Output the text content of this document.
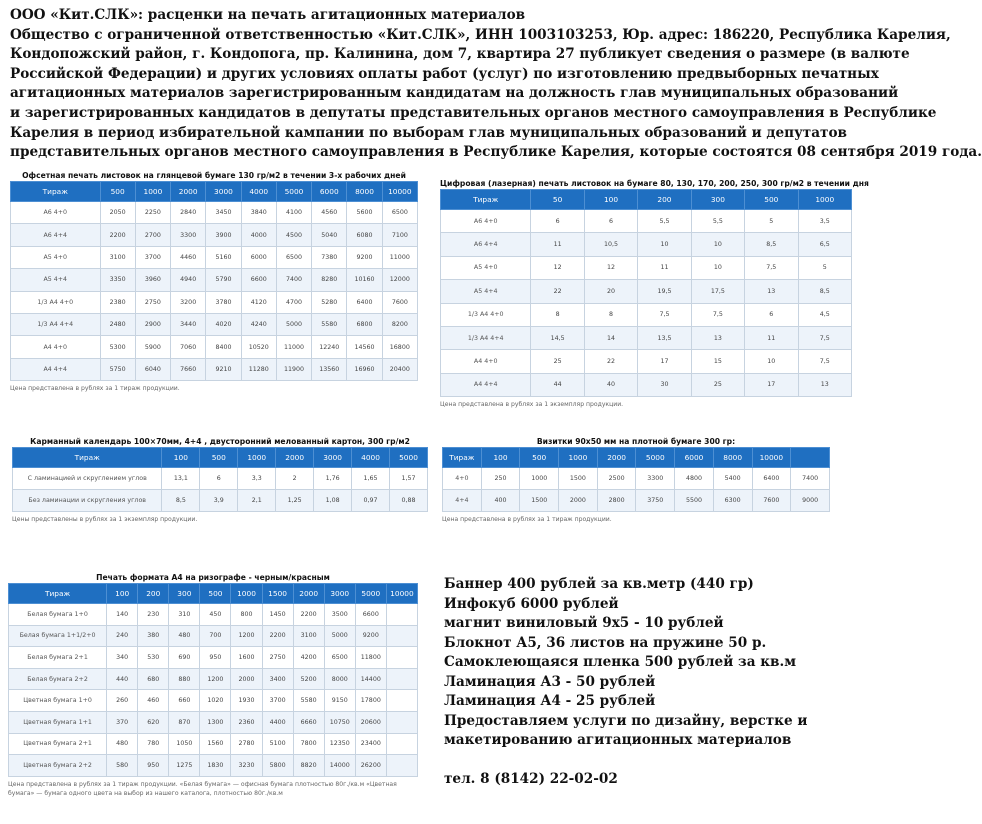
ООО «Кит.СЛК»: расценки на печать агитационных материалов
Общество с ограниченной ответственностью «Кит.СЛК», ИНН 1003103253, Юр. адрес: 186220, Республика Карелия,
Кондопожский район, г. Кондопога, пр. Калинина, дом 7, квартира 27 публикует сведения о размере (в валюте
Российской Федерации) и других условиях оплаты работ (услуг) по изготовлению предвыборных печатных
агитационных материалов зарегистрированным кандидатам на должность глав муниципальных образований
и зарегистрированных кандидатов в депутаты представительных органов местного самоуправления в Республике
Карелия в период избирательной кампании по выборам глав муниципальных образований и депутатов
представительных органов местного самоуправления в Республике Карелия, которые состоятся 08 сентября 2019 года.
Офсетная печать листовок на глянцевой бумаге 130 гр/м2 в течении 3-х рабочих дней
Тираж	500	1000	2000	3000	4000	5000	6000	8000	10000
А6 4+0	2050	2250	2840	3450	3840	4100	4560	5600	6500
А6 4+4	2200	2700	3300	3900	4000	4500	5040	6080	7100
А5 4+0	3100	3700	4460	5160	6000	6500	7380	9200	11000
А5 4+4	3350	3960	4940	5790	6600	7400	8280	10160	12000
1/3 А4 4+0	2380	2750	3200	3780	4120	4700	5280	6400	7600
1/3 А4 4+4	2480	2900	3440	4020	4240	5000	5580	6800	8200
А4 4+0	5300	5900	7060	8400	10520	11000	12240	14560	16800
А4 4+4	5750	6040	7660	9210	11280	11900	13560	16960	20400
Цена представлена в рублях за 1 тираж продукции.
Цифровая (лазерная) печать листовок на бумаге 80, 130, 170, 200, 250, 300 гр/м2 в течении дня
Тираж	50	100	200	300	500	1000
А6 4+0	6	6	5,5	5,5	5	3,5
А6 4+4	11	10,5	10	10	8,5	6,5
А5 4+0	12	12	11	10	7,5	5
А5 4+4	22	20	19,5	17,5	13	8,5
1/3 А4 4+0	8	8	7,5	7,5	6	4,5
1/3 А4 4+4	14,5	14	13,5	13	11	7,5
А4 4+0	25	22	17	15	10	7,5
А4 4+4	44	40	30	25	17	13
Цена представлена в рублях за 1 экземпляр продукции.
Карманный календарь 100×70мм, 4+4 , двусторонний мелованный картон, 300 гр/м2
Тираж	100	500	1000	2000	3000	4000	5000
С ламинацией и скруглением углов	13,1	6	3,3	2	1,76	1,65	1,57
Без ламинации и скругления углов	8,5	3,9	2,1	1,25	1,08	0,97	0,88
Цены представлены в рублях за 1 экземпляр продукции.
Визитки 90х50 мм на плотной бумаге 300 гр:
Тираж	100	500	1000	2000	5000	6000	8000	10000	
4+0	250	1000	1500	2500	3300	4800	5400	6400	7400
4+4	400	1500	2000	2800	3750	5500	6300	7600	9000
Цена представлена в рублях за 1 тираж продукции.
Печать формата А4 на ризографе - черным/красным
Тираж	100	200	300	500	1000	1500	2000	3000	5000	10000
Белая бумага 1+0	140	230	310	450	800	1450	2200	3500	6600	
Белая бумага 1+1/2+0	240	380	480	700	1200	2200	3100	5000	9200	
Белая бумага 2+1	340	530	690	950	1600	2750	4200	6500	11800	
Белая бумага 2+2	440	680	880	1200	2000	3400	5200	8000	14400	
Цветная бумага 1+0	260	460	660	1020	1930	3700	5580	9150	17800	
Цветная бумага 1+1	370	620	870	1300	2360	4400	6660	10750	20600	
Цветная бумага 2+1	480	780	1050	1560	2780	5100	7800	12350	23400	
Цветная бумага 2+2	580	950	1275	1830	3230	5800	8820	14000	26200	
Цена представлена в рублях за 1 тираж продукции. «Белая бумага» — офисная бумага плотностью 80г./кв.м «Цветная бумага» — бумага одного цвета на выбор из нашего каталога, плотностью 80г./кв.м
Баннер 400 рублей за кв.метр (440 гр)
Инфокуб 6000 рублей
магнит виниловый 9х5 - 10 рублей
Блокнот А5, 36 листов на пружине 50 р.
Самоклеющаяся пленка 500 рублей за кв.м
Ламинация А3 - 50 рублей
Ламинация А4 - 25 рублей
Предоставляем услуги по дизайну, верстке и
макетированию агитационных материалов
тел. 8 (8142) 22-02-02
